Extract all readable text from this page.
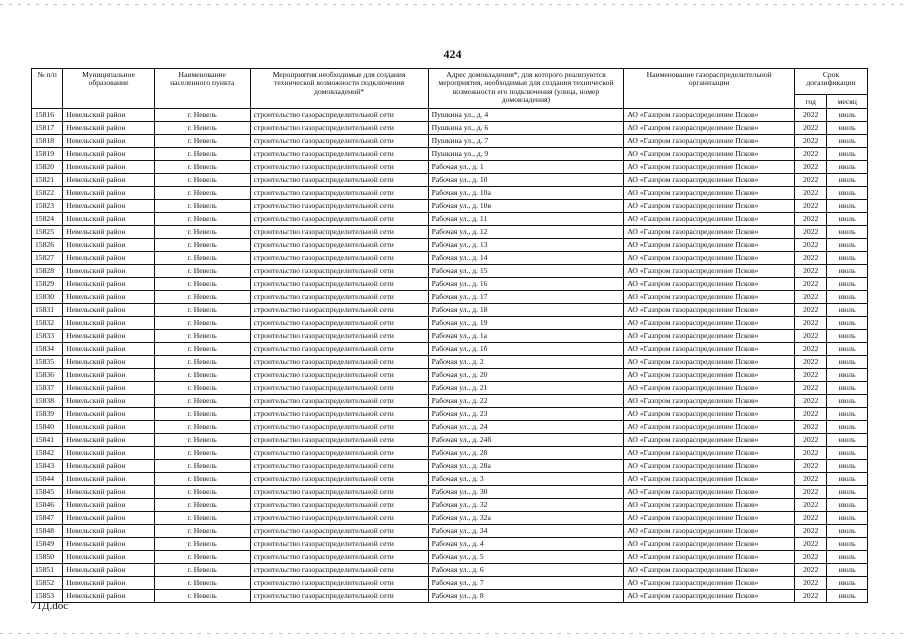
424
№ п/п	Муниципальное образование	Наименование населенного пункта	Мероприятия необходимые для создания технической возможности подключения домовладений*	Адрес домовладения*, для которого реализуются мероприятия, необходимые для создания технической возможности его подключения (улица, номер домовладения)	Наименование газораспределительной организации	Срок догазификации	
						год	месяц
15816	Невельский район	г. Невель	строительство газораспределительной сети	Пушкина ул., д. 4	АО «Газпром газораспределение Псков»	2022	июль
15817	Невельский район	г. Невель	строительство газораспределительной сети	Пушкина ул., д. 6	АО «Газпром газораспределение Псков»	2022	июль
15818	Невельский район	г. Невель	строительство газораспределительной сети	Пушкина ул., д. 7	АО «Газпром газораспределение Псков»	2022	июль
15819	Невельский район	г. Невель	строительство газораспределительной сети	Пушкина ул., д. 9	АО «Газпром газораспределение Псков»	2022	июль
15820	Невельский район	г. Невель	строительство газораспределительной сети	Рабочая ул., д. 1	АО «Газпром газораспределение Псков»	2022	июль
15821	Невельский район	г. Невель	строительство газораспределительной сети	Рабочая ул., д. 10	АО «Газпром газораспределение Псков»	2022	июль
15822	Невельский район	г. Невель	строительство газораспределительной сети	Рабочая ул., д. 10а	АО «Газпром газораспределение Псков»	2022	июль
15823	Невельский район	г. Невель	строительство газораспределительной сети	Рабочая ул., д. 10в	АО «Газпром газораспределение Псков»	2022	июль
15824	Невельский район	г. Невель	строительство газораспределительной сети	Рабочая ул., д. 11	АО «Газпром газораспределение Псков»	2022	июль
15825	Невельский район	г. Невель	строительство газораспределительной сети	Рабочая ул., д. 12	АО «Газпром газораспределение Псков»	2022	июль
15826	Невельский район	г. Невель	строительство газораспределительной сети	Рабочая ул., д. 13	АО «Газпром газораспределение Псков»	2022	июль
15827	Невельский район	г. Невель	строительство газораспределительной сети	Рабочая ул., д. 14	АО «Газпром газораспределение Псков»	2022	июль
15828	Невельский район	г. Невель	строительство газораспределительной сети	Рабочая ул., д. 15	АО «Газпром газораспределение Псков»	2022	июль
15829	Невельский район	г. Невель	строительство газораспределительной сети	Рабочая ул., д. 16	АО «Газпром газораспределение Псков»	2022	июль
15830	Невельский район	г. Невель	строительство газораспределительной сети	Рабочая ул., д. 17	АО «Газпром газораспределение Псков»	2022	июль
15831	Невельский район	г. Невель	строительство газораспределительной сети	Рабочая ул., д. 18	АО «Газпром газораспределение Псков»	2022	июль
15832	Невельский район	г. Невель	строительство газораспределительной сети	Рабочая ул., д. 19	АО «Газпром газораспределение Псков»	2022	июль
15833	Невельский район	г. Невель	строительство газораспределительной сети	Рабочая ул., д. 1а	АО «Газпром газораспределение Псков»	2022	июль
15834	Невельский район	г. Невель	строительство газораспределительной сети	Рабочая ул., д. 1б	АО «Газпром газораспределение Псков»	2022	июль
15835	Невельский район	г. Невель	строительство газораспределительной сети	Рабочая ул., д. 2	АО «Газпром газораспределение Псков»	2022	июль
15836	Невельский район	г. Невель	строительство газораспределительной сети	Рабочая ул., д. 20	АО «Газпром газораспределение Псков»	2022	июль
15837	Невельский район	г. Невель	строительство газораспределительной сети	Рабочая ул., д. 21	АО «Газпром газораспределение Псков»	2022	июль
15838	Невельский район	г. Невель	строительство газораспределительной сети	Рабочая ул., д. 22	АО «Газпром газораспределение Псков»	2022	июль
15839	Невельский район	г. Невель	строительство газораспределительной сети	Рабочая ул., д. 23	АО «Газпром газораспределение Псков»	2022	июль
15840	Невельский район	г. Невель	строительство газораспределительной сети	Рабочая ул., д. 24	АО «Газпром газораспределение Псков»	2022	июль
15841	Невельский район	г. Невель	строительство газораспределительной сети	Рабочая ул., д. 24б	АО «Газпром газораспределение Псков»	2022	июль
15842	Невельский район	г. Невель	строительство газораспределительной сети	Рабочая ул., д. 28	АО «Газпром газораспределение Псков»	2022	июль
15843	Невельский район	г. Невель	строительство газораспределительной сети	Рабочая ул., д. 28а	АО «Газпром газораспределение Псков»	2022	июль
15844	Невельский район	г. Невель	строительство газораспределительной сети	Рабочая ул., д. 3	АО «Газпром газораспределение Псков»	2022	июль
15845	Невельский район	г. Невель	строительство газораспределительной сети	Рабочая ул., д. 30	АО «Газпром газораспределение Псков»	2022	июль
15846	Невельский район	г. Невель	строительство газораспределительной сети	Рабочая ул., д. 32	АО «Газпром газораспределение Псков»	2022	июль
15847	Невельский район	г. Невель	строительство газораспределительной сети	Рабочая ул., д. 32а	АО «Газпром газораспределение Псков»	2022	июль
15848	Невельский район	г. Невель	строительство газораспределительной сети	Рабочая ул., д. 34	АО «Газпром газораспределение Псков»	2022	июль
15849	Невельский район	г. Невель	строительство газораспределительной сети	Рабочая ул., д. 4	АО «Газпром газораспределение Псков»	2022	июль
15850	Невельский район	г. Невель	строительство газораспределительной сети	Рабочая ул., д. 5	АО «Газпром газораспределение Псков»	2022	июль
15851	Невельский район	г. Невель	строительство газораспределительной сети	Рабочая ул., д. 6	АО «Газпром газораспределение Псков»	2022	июль
15852	Невельский район	г. Невель	строительство газораспределительной сети	Рабочая ул., д. 7	АО «Газпром газораспределение Псков»	2022	июль
15853	Невельский район	г. Невель	строительство газораспределительной сети	Рабочая ул., д. 8	АО «Газпром газораспределение Псков»	2022	июль
71Д.doc
